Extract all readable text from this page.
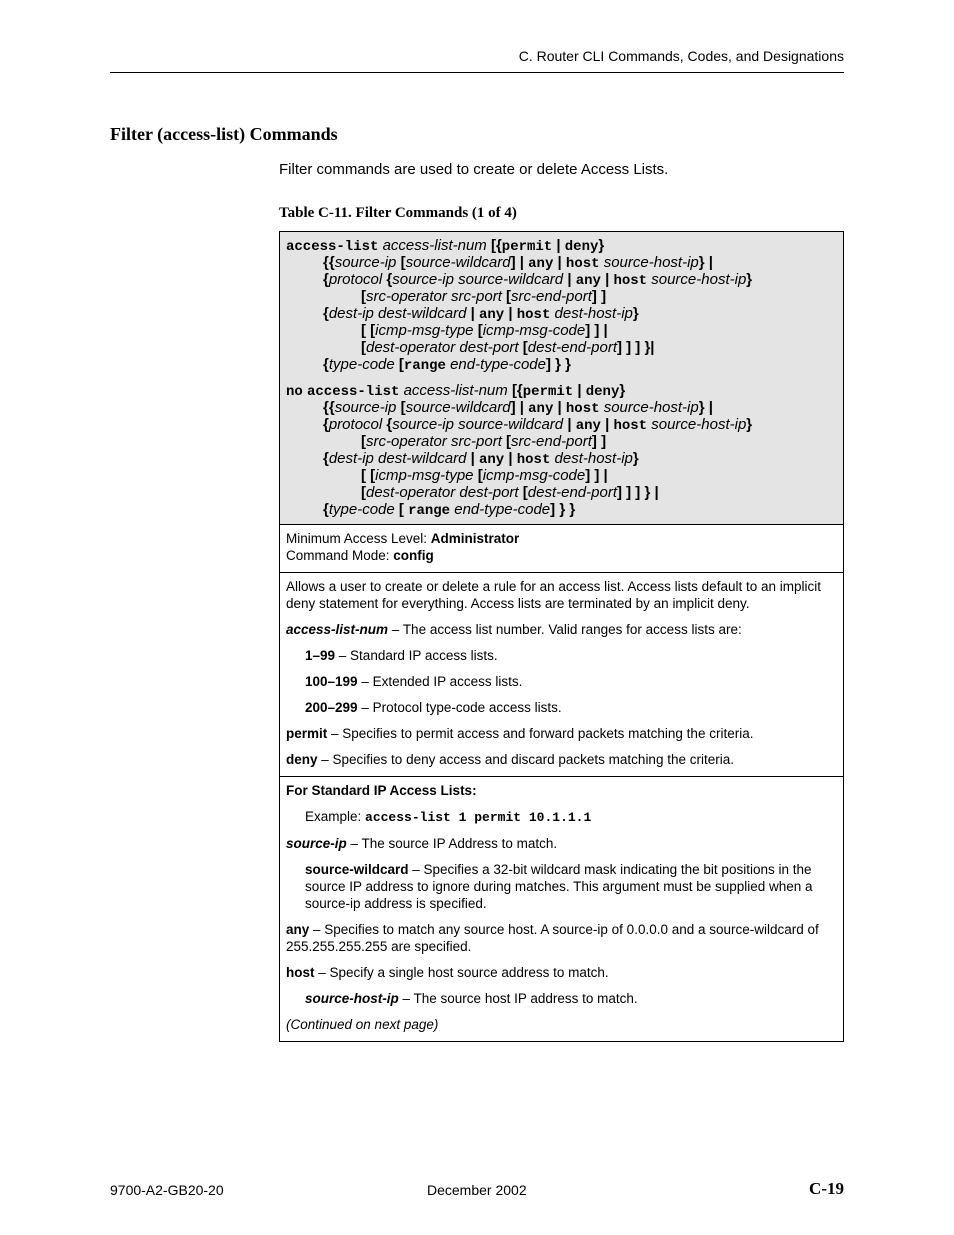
C. Router CLI Commands, Codes, and Designations
Filter (access-list) Commands
Filter commands are used to create or delete Access Lists.
Table C-11. Filter Commands (1 of 4)
access-list access-list-num [{permit | deny}
{{source-ip [source-wildcard] | any | host source-host-ip} |
{protocol {source-ip source-wildcard | any | host source-host-ip}
[src-operator src-port [src-end-port] ]
{dest-ip dest-wildcard | any | host dest-host-ip}
[ [icmp-msg-type [icmp-msg-code] ] |
[dest-operator dest-port [dest-end-port] ] ] }|
{type-code [range end-type-code] } }
no access-list access-list-num [{permit | deny}
{{source-ip [source-wildcard] | any | host source-host-ip} |
{protocol {source-ip source-wildcard | any | host source-host-ip}
[src-operator src-port [src-end-port] ]
{dest-ip dest-wildcard | any | host dest-host-ip}
[ [icmp-msg-type [icmp-msg-code] ] |
[dest-operator dest-port [dest-end-port] ] ] } |
{type-code [ range end-type-code] } }

Minimum Access Level: Administrator

Command Mode: config

Allows a user to create or delete a rule for an access list. Access lists default to an implicit deny statement for everything. Access lists are terminated by an implicit deny.

access-list-num – The access list number. Valid ranges for access lists are:

1–99 – Standard IP access lists.

100–199 – Extended IP access lists.

200–299 – Protocol type-code access lists.

permit – Specifies to permit access and forward packets matching the criteria.

deny – Specifies to deny access and discard packets matching the criteria.

For Standard IP Access Lists:

Example: access-list 1 permit 10.1.1.1

source-ip – The source IP Address to match.

source-wildcard – Specifies a 32-bit wildcard mask indicating the bit positions in the source IP address to ignore during matches. This argument must be supplied when a source-ip address is specified.

any – Specifies to match any source host. A source-ip of 0.0.0.0 and a source-wildcard of 255.255.255.255 are specified.

host – Specify a single host source address to match.

source-host-ip – The source host IP address to match.

(Continued on next page)

9700-A2-GB20-20	December 2002	C-19
